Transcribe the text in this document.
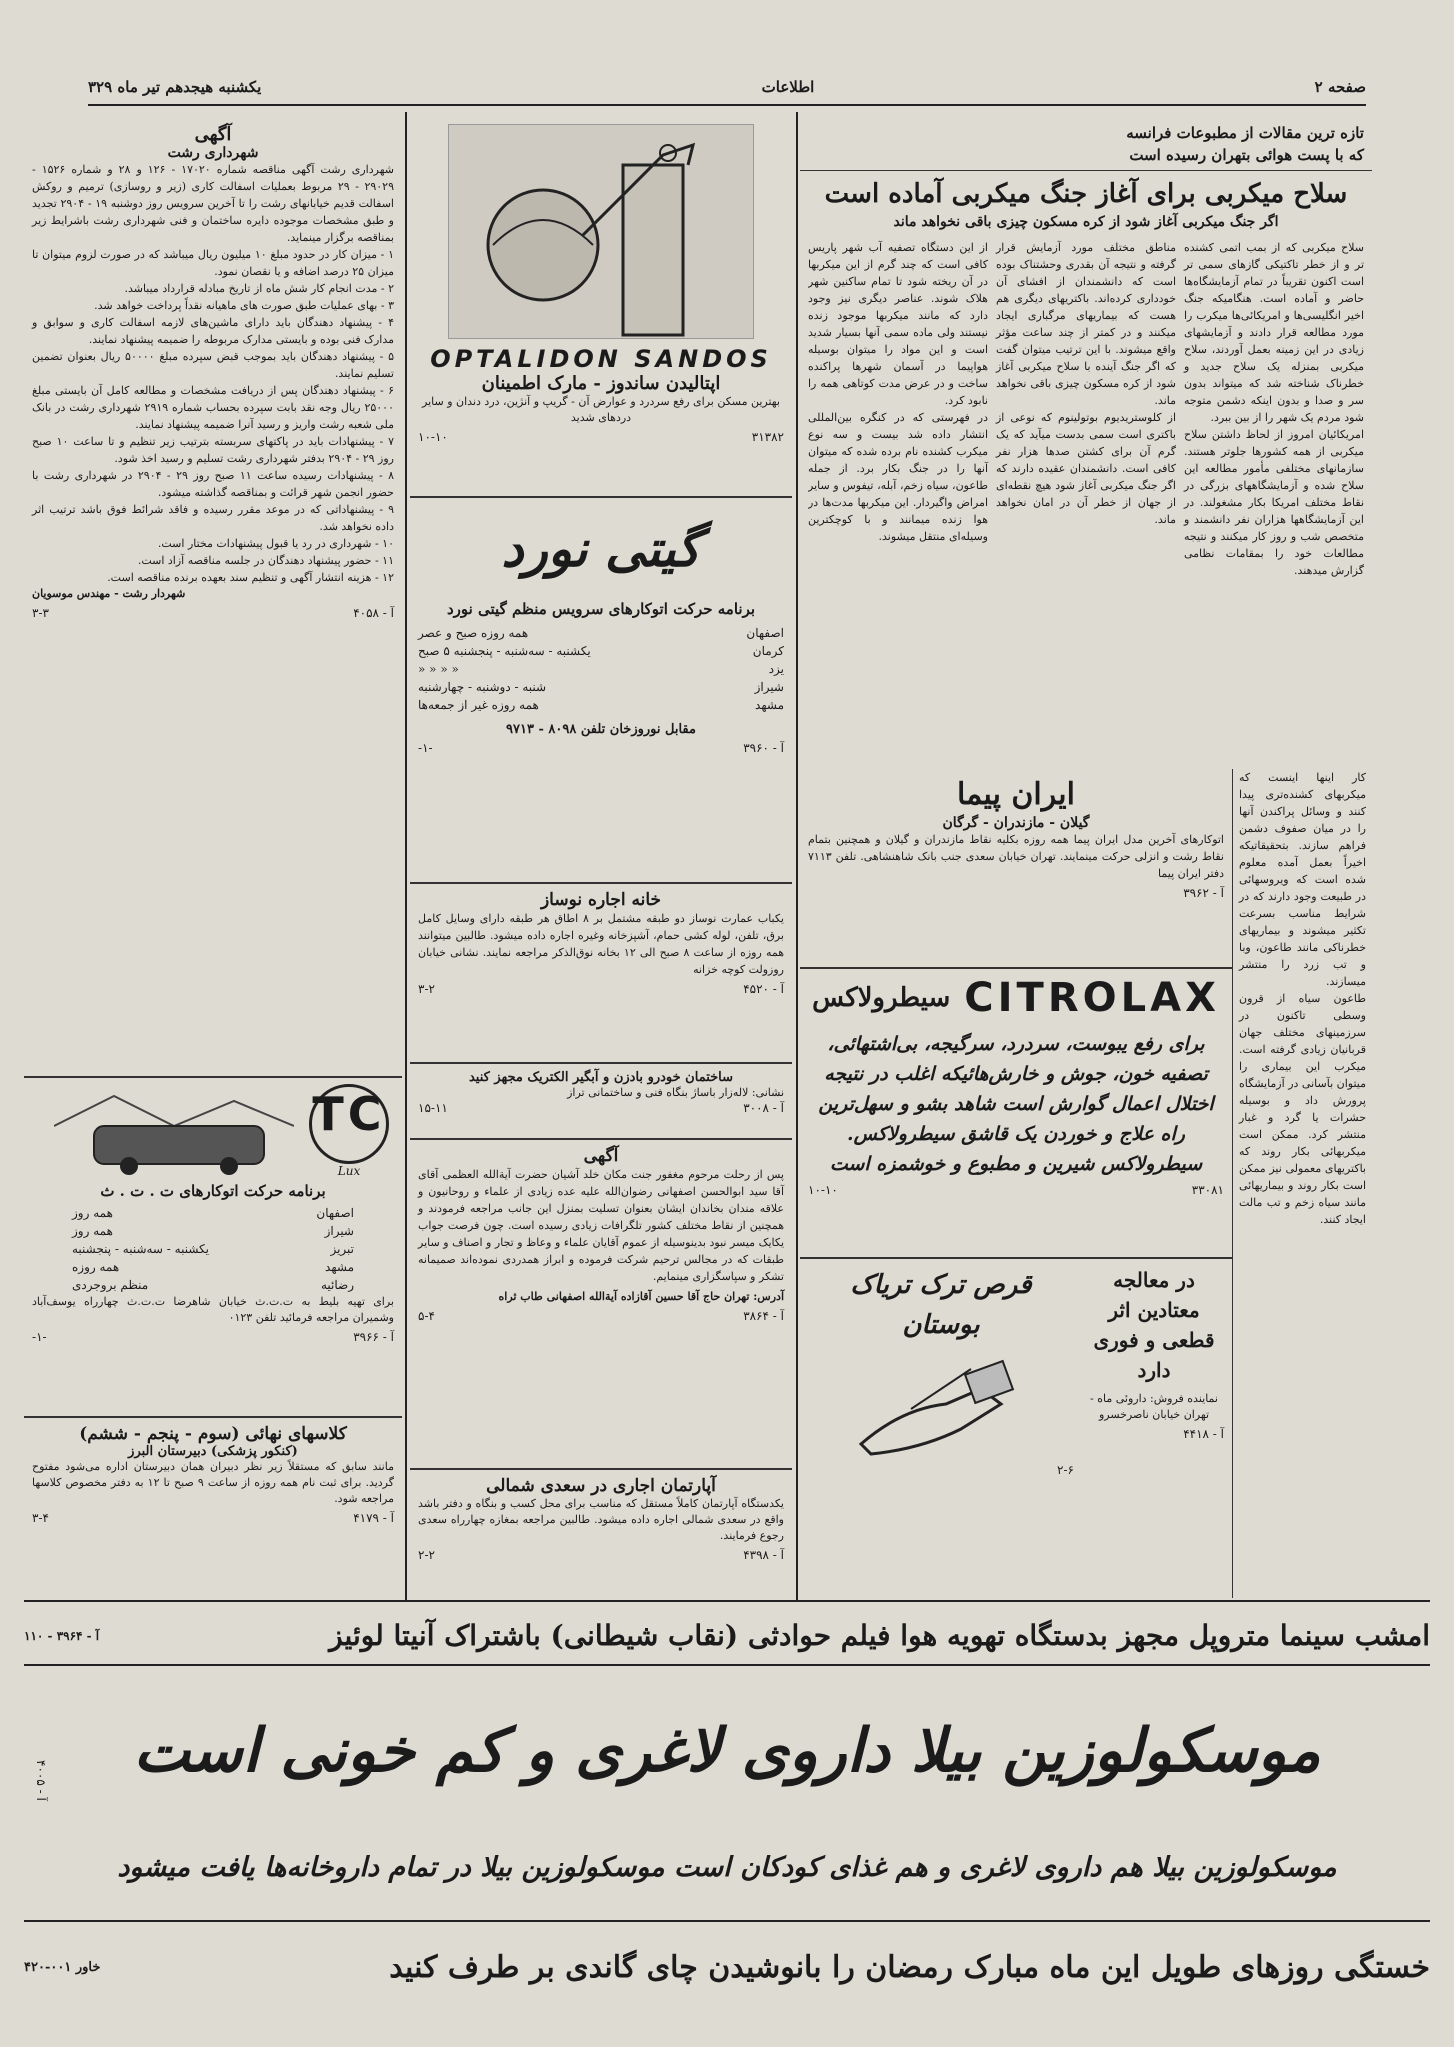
صفحه ۲
اطلاعات
یکشنبه هیجدهم تیر ماه ۳۲۹
تازه ترین مقالات از مطبوعات فرانسه
که با پست هوائی بتهران رسیده است
سلاح میکربی برای آغاز جنگ میکربی آماده است
اگر جنگ میکربی آغاز شود از کره مسکون چیزی باقی نخواهد ماند

سلاح میکربی که از بمب اتمی کشنده تر و از خطر تاکتیکی گازهای سمی تر است اکنون تقریباً در تمام آزمایشگاه‌ها حاضر و آماده است. هنگامیکه جنگ اخیر انگلیسی‌ها و امریکائی‌ها میکرب را مورد مطالعه قرار دادند و آزمایشهای زیادی در این زمینه بعمل آوردند، سلاح میکربی بمنزله یک سلاح جدید و خطرناک شناخته شد که میتواند بدون سر و صدا و بدون اینکه دشمن متوجه شود مردم یک شهر را از بین ببرد.

امریکائیان امروز از لحاظ داشتن سلاح میکربی از همه کشورها جلوتر هستند. سازمانهای مختلفی مأمور مطالعه این سلاح شده و آزمایشگاههای بزرگی در نقاط مختلف امریکا بکار مشغولند. در این آزمایشگاهها هزاران نفر دانشمند و متخصص شب و روز کار میکنند و نتیجه مطالعات خود را بمقامات نظامی گزارش میدهند.

مناطق مختلف مورد آزمایش قرار گرفته و نتیجه آن بقدری وحشتناک بوده است که دانشمندان از افشای آن خودداری کرده‌اند. باکتریهای دیگری هم هست که بیماریهای مرگباری ایجاد میکنند و در کمتر از چند ساعت مؤثر واقع میشوند. با این ترتیب میتوان گفت که اگر جنگ آینده با سلاح میکربی آغاز شود از کره مسکون چیزی باقی نخواهد ماند.

از کلوستریدیوم بوتولینوم که نوعی از باکتری است سمی بدست میآید که یک گرم آن برای کشتن صدها هزار نفر کافی است. دانشمندان عقیده دارند که اگر جنگ میکربی آغاز شود هیچ نقطه‌ای از جهان از خطر آن در امان نخواهد ماند.

از این دستگاه تصفیه آب شهر پاریس کافی است که چند گرم از این میکربها در آن ریخته شود تا تمام ساکنین شهر هلاک شوند. عناصر دیگری نیز وجود دارد که مانند میکربها موجود زنده نیستند ولی ماده سمی آنها بسیار شدید است و این مواد را میتوان بوسیله هواپیما در آسمان شهرها پراکنده ساخت و در عرض مدت کوتاهی همه را نابود کرد.

در فهرستی که در کنگره بین‌المللی انتشار داده شد بیست و سه نوع میکرب کشنده نام برده شده که میتوان آنها را در جنگ بکار برد. از جمله طاعون، سیاه زخم، آبله، تیفوس و سایر امراض واگیردار. این میکربها مدت‌ها در هوا زنده میمانند و با کوچکترین وسیله‌ای منتقل میشوند.

کار اینها اینست که میکربهای کشنده‌تری پیدا کنند و وسائل پراکندن آنها را در میان صفوف دشمن فراهم سازند. بتحقیقاتیکه اخیراً بعمل آمده معلوم شده است که ویروسهائی در طبیعت وجود دارند که در شرایط مناسب بسرعت تکثیر میشوند و بیماریهای خطرناکی مانند طاعون، وبا و تب زرد را منتشر میسازند.

طاعون سیاه از قرون وسطی تاکنون در سرزمینهای مختلف جهان قربانیان زیادی گرفته است. میکرب این بیماری را میتوان بآسانی در آزمایشگاه پرورش داد و بوسیله حشرات یا گرد و غبار منتشر کرد. ممکن است میکربهائی بکار روند که باکتریهای معمولی نیز ممکن است بکار روند و بیماریهائی مانند سیاه زخم و تب مالت ایجاد کنند.

ایران پیما
گیلان - مازندران - گرگان

اتوکارهای آخرین مدل ایران پیما همه روزه بکلیه نقاط مازندران و گیلان و همچنین بتمام نقاط رشت و انزلی حرکت مینمایند. تهران خیابان سعدی جنب بانک شاهنشاهی. تلفن ۷۱۱۳ دفتر ایران پیما

آ - ۳۹۶۲
CITROLAX
سیطرولاکس

برای رفع یبوست، سردرد، سرگیجه، بی‌اشتهائی، تصفیه خون، جوش و خارش‌هائیکه اغلب در نتیجه اختلال اعمال گوارش است شاهد بشو و سهل‌ترین راه علاج و خوردن یک قاشق سیطرولاکس. سیطرولاکس شیرین و مطبوع و خوشمزه است

۳۳۰۸۱
۱۰-۱۰
در معالجه معتادین اثر قطعی و فوری دارد
نماینده فروش: داروئی ماه - تهران خیابان ناصرخسرو
آ - ۴۴۱۸
قرص ترک تریاک بوستان
۲-۶
OPTALIDON SANDOS
اپتالیدن ساندوز - مارک اطمینان

بهترین مسکن برای رفع سردرد و عوارض آن - گریپ و آنژین، درد دندان و سایر دردهای شدید

۳۱۳۸۲
۱۰-۱۰
گیتی نورد
برنامه حرکت اتوکارهای سرویس منظم گیتی نورد
اصفهان
همه روزه صبح و عصر
کرمان
یکشنبه - سه‌شنبه - پنجشنبه ۵ صبح
یزد
« « « «
شیراز
شنبه - دوشنبه - چهارشنبه
مشهد
همه روزه غیر از جمعه‌ها
مقابل نوروزخان تلفن ۸۰۹۸ - ۹۷۱۳
آ - ۳۹۶۰
-۱-
خانه اجاره نوساز

یکباب عمارت نوساز دو طبقه مشتمل بر ۸ اطاق هر طبقه دارای وسایل کامل برق، تلفن، لوله کشی حمام، آشپزخانه وغیره اجاره داده میشود. طالبین میتوانند همه روزه از ساعت ۸ صبح الی ۱۲ بخانه نوق‌الذکر مراجعه نمایند. نشانی خیابان روزولت کوچه خزانه

آ - ۴۵۲۰
۳-۲
ساختمان خودرو بادزن و آبگیر الکتریک مجهز کنید

نشانی: لاله‌زار باساژ بنگاه فنی و ساختمانی تراز

آ - ۳۰۰۸
۱۵-۱۱
آگهی

پس از رحلت مرحوم مغفور جنت مکان خلد آشیان حضرت آیة‌الله العظمی آقای آقا سید ابوالحسن اصفهانی رضوان‌الله علیه عده زیادی از علماء و روحانیون و علاقه مندان بخاندان ایشان بعنوان تسلیت بمنزل این جانب مراجعه فرمودند و همچنین از نقاط مختلف کشور تلگرافات زیادی رسیده است. چون فرصت جواب یکایک میسر نبود بدینوسیله از عموم آقایان علماء و وعاظ و تجار و اصناف و سایر طبقات که در مجالس ترحیم شرکت فرموده و ابراز همدردی نموده‌اند صمیمانه تشکر و سپاسگزاری مینمایم.

آدرس: تهران حاج آقا حسین آقازاده آیة‌الله اصفهانی طاب ثراه

آ - ۳۸۶۴
۵-۴
آپارتمان اجاری در سعدی شمالی

یکدستگاه آپارتمان کاملاً مستقل که مناسب برای محل کسب و بنگاه و دفتر باشد واقع در سعدی شمالی اجاره داده میشود. طالبین مراجعه بمغازه چهارراه سعدی رجوع فرمایند.

آ - ۴۳۹۸
۲-۲
آگهی
شهرداری رشت

شهرداری رشت آگهی مناقصه شماره ۱۷۰۲۰ - ۱۲۶ و ۲۸ و شماره ۱۵۲۶ - ۲۹۰۲۹ - ۲۹ مربوط بعملیات اسفالت کاری (زیر و روسازی) ترمیم و روکش اسفالت قدیم خیابانهای رشت را تا آخرین سرویس روز دوشنبه ۱۹ - ۲۹۰۴ تجدید و طبق مشخصات موجوده دایره ساختمان و فنی شهرداری رشت باشرایط زیر بمناقصه برگزار مینماید.

۱ - میزان کار در حدود مبلغ ۱۰ میلیون ریال میباشد که در صورت لزوم میتوان تا میزان ۲۵ درصد اضافه و یا نقصان نمود.

۲ - مدت انجام کار شش ماه از تاریخ مبادله قرارداد میباشد.

۳ - بهای عملیات طبق صورت های ماهیانه نقداً پرداخت خواهد شد.

۴ - پیشنهاد دهندگان باید دارای ماشین‌های لازمه اسفالت کاری و سوابق و مدارک فنی بوده و بایستی مدارک مربوطه را ضمیمه پیشنهاد نمایند.

۵ - پیشنهاد دهندگان باید بموجب قبض سپرده مبلغ ۵۰۰۰۰ ریال بعنوان تضمین تسلیم نمایند.

۶ - پیشنهاد دهندگان پس از دریافت مشخصات و مطالعه کامل آن بایستی مبلغ ۲۵۰۰۰ ریال وجه نقد بابت سپرده بحساب شماره ۲۹۱۹ شهرداری رشت در بانک ملی شعبه رشت واریز و رسید آنرا ضمیمه پیشنهاد نمایند.

۷ - پیشنهادات باید در پاکتهای سربسته بترتیب زیر تنظیم و تا ساعت ۱۰ صبح روز ۲۹ - ۲۹۰۴ بدفتر شهرداری رشت تسلیم و رسید اخذ شود.

۸ - پیشنهادات رسیده ساعت ۱۱ صبح روز ۲۹ - ۲۹۰۴ در شهرداری رشت با حضور انجمن شهر قرائت و بمناقصه گذاشته میشود.

۹ - پیشنهاداتی که در موعد مقرر رسیده و فاقد شرائط فوق باشد ترتیب اثر داده نخواهد شد.

۱۰ - شهرداری در رد یا قبول پیشنهادات مختار است.

۱۱ - حضور پیشنهاد دهندگان در جلسه مناقصه آزاد است.

۱۲ - هزینه انتشار آگهی و تنظیم سند بعهده برنده مناقصه است.

شهردار رشت - مهندس موسویان

آ - ۴۰۵۸
۳-۳
TC
Lux
برنامه حرکت اتوکارهای ت . ت . ث
اصفهان
همه روز
شیراز
همه روز
تبریز
یکشنبه - سه‌شنبه - پنجشنبه
مشهد
همه روزه
رضائیه
منظم بروجردی

برای تهیه بلیط به ت.ت.ث خیابان شاهرضا ت.ت.ث چهارراه یوسف‌آباد وشمیران مراجعه فرمائید تلفن ۰۱۲۳

آ - ۳۹۶۶
-۱-
کلاسهای نهائی (سوم - پنجم - ششم)
(کنکور پزشکی) دبیرستان البرز

مانند سابق که مستقلاً زیر نظر دبیران همان دبیرستان اداره می‌شود مفتوح گردید. برای ثبت نام همه روزه از ساعت ۹ صبح تا ۱۲ به دفتر مخصوص کلاسها مراجعه شود.

آ - ۴۱۷۹
۳-۴
امشب سینما متروپل مجهز بدستگاه تهویه هوا فیلم حوادثی (نقاب شیطانی) باشتراک آنیتا لوئیز
آ - ۳۹۶۴ - ۱۱۰
موسکولوزین بیلا داروی لاغری و کم خونی است
آ - ۴۰۰۵
موسکولوزین بیلا هم داروی لاغری و هم غذای کودکان است موسکولوزین بیلا در تمام داروخانه‌ها یافت میشود
خستگی روزهای طویل این ماه مبارک رمضان را بانوشیدن چای گاندی بر طرف کنید
خاور ۰۰۱-۴۲۰
